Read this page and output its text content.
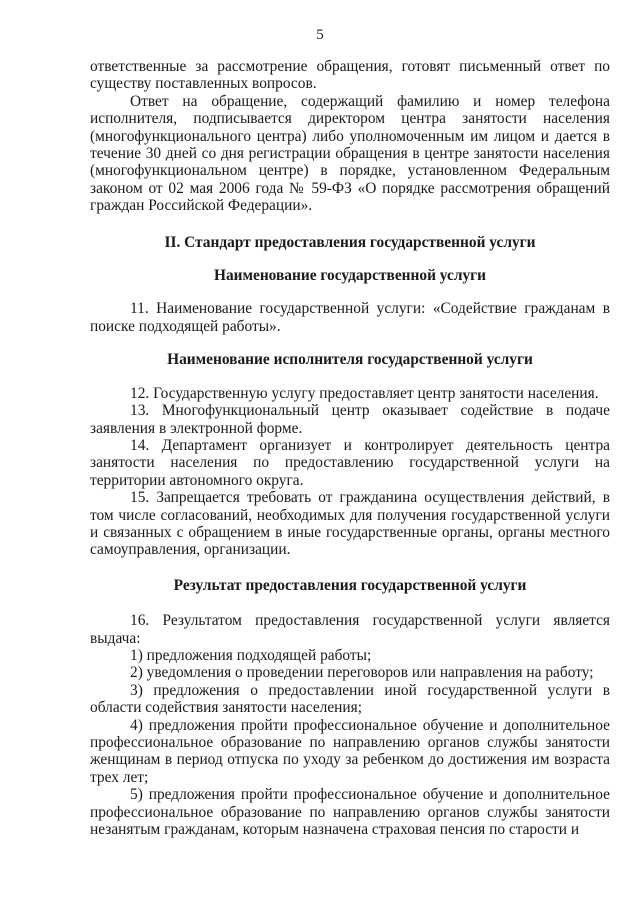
5

ответственные за рассмотрение обращения, готовят письменный ответ по существу поставленных вопросов.

Ответ на обращение, содержащий фамилию и номер телефона исполнителя, подписывается директором центра занятости населения (многофункционального центра) либо уполномоченным им лицом и дается в течение 30 дней со дня регистрации обращения в центре занятости населения (многофункциональном центре) в порядке, установленном Федеральным законом от 02 мая 2006 года № 59-ФЗ «О порядке рассмотрения обращений граждан Российской Федерации».

II. Стандарт предоставления государственной услуги

Наименование государственной услуги

11. Наименование государственной услуги: «Содействие гражданам в поиске подходящей работы».

Наименование исполнителя государственной услуги

12. Государственную услугу предоставляет центр занятости населения.

13. Многофункциональный центр оказывает содействие в подаче заявления в электронной форме.

14. Департамент организует и контролирует деятельность центра занятости населения по предоставлению государственной услуги на территории автономного округа.

15. Запрещается требовать от гражданина осуществления действий, в том числе согласований, необходимых для получения государственной услуги и связанных с обращением в иные государственные органы, органы местного самоуправления, организации.

Результат предоставления государственной услуги

16. Результатом предоставления государственной услуги является выдача:

1) предложения подходящей работы;

2) уведомления о проведении переговоров или направления на работу;

3) предложения о предоставлении иной государственной услуги в области содействия занятости населения;

4) предложения пройти профессиональное обучение и дополнительное профессиональное образование по направлению органов службы занятости женщинам в период отпуска по уходу за ребенком до достижения им возраста трех лет;

5) предложения пройти профессиональное обучение и дополнительное профессиональное образование по направлению органов службы занятости незанятым гражданам, которым назначена страховая пенсия по старости и
